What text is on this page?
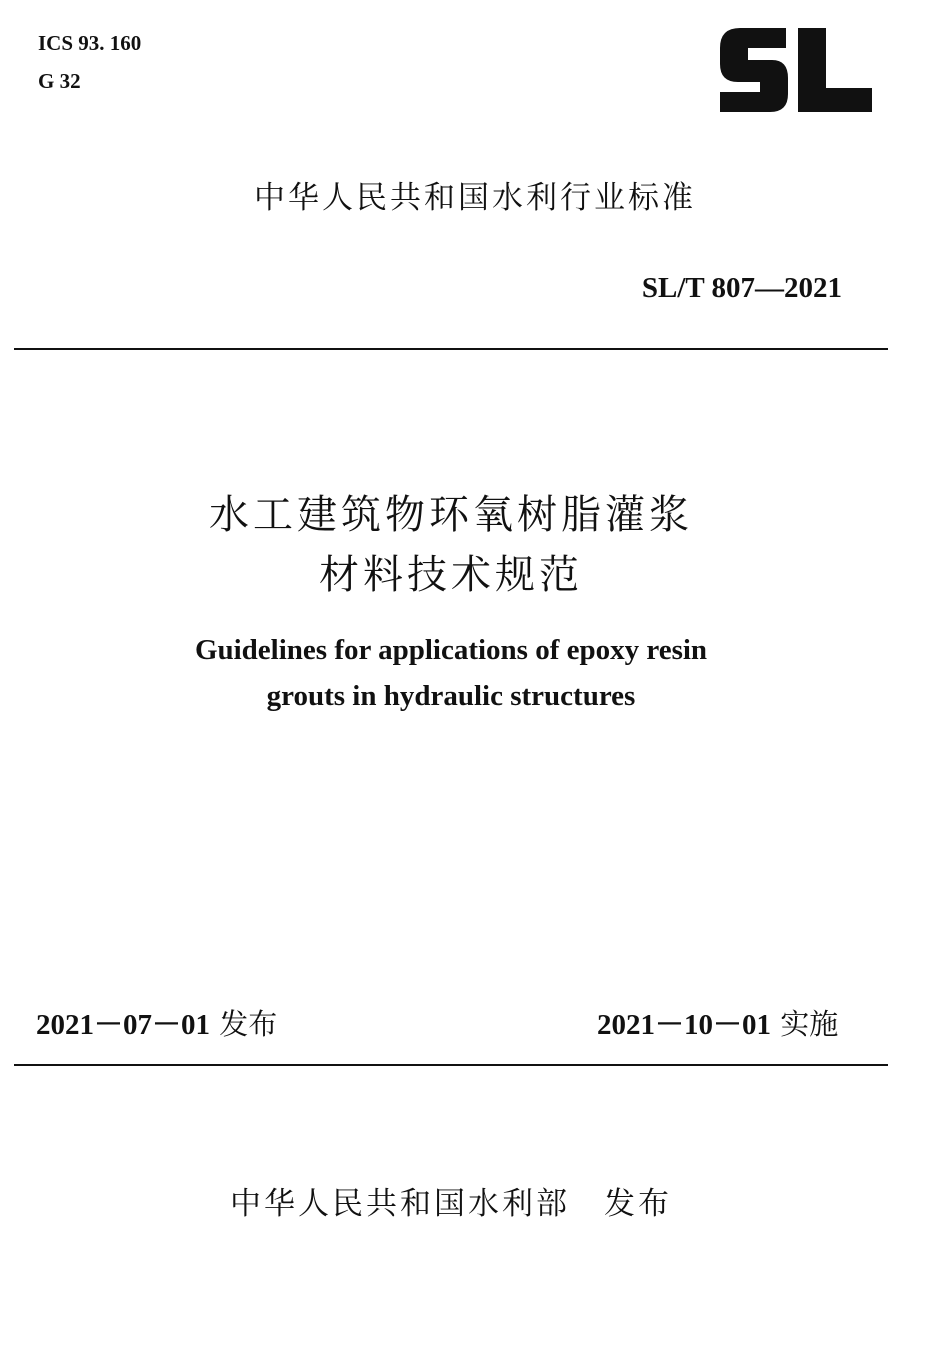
ICS 93. 160
G 32
中华人民共和国水利行业标准
SL/T 807—2021
水工建筑物环氧树脂灌浆
材料技术规范
Guidelines for applications of epoxy resin
grouts in hydraulic structures
2021－07－01 发布	2021－10－01 实施
中华人民共和国水利部　发布
